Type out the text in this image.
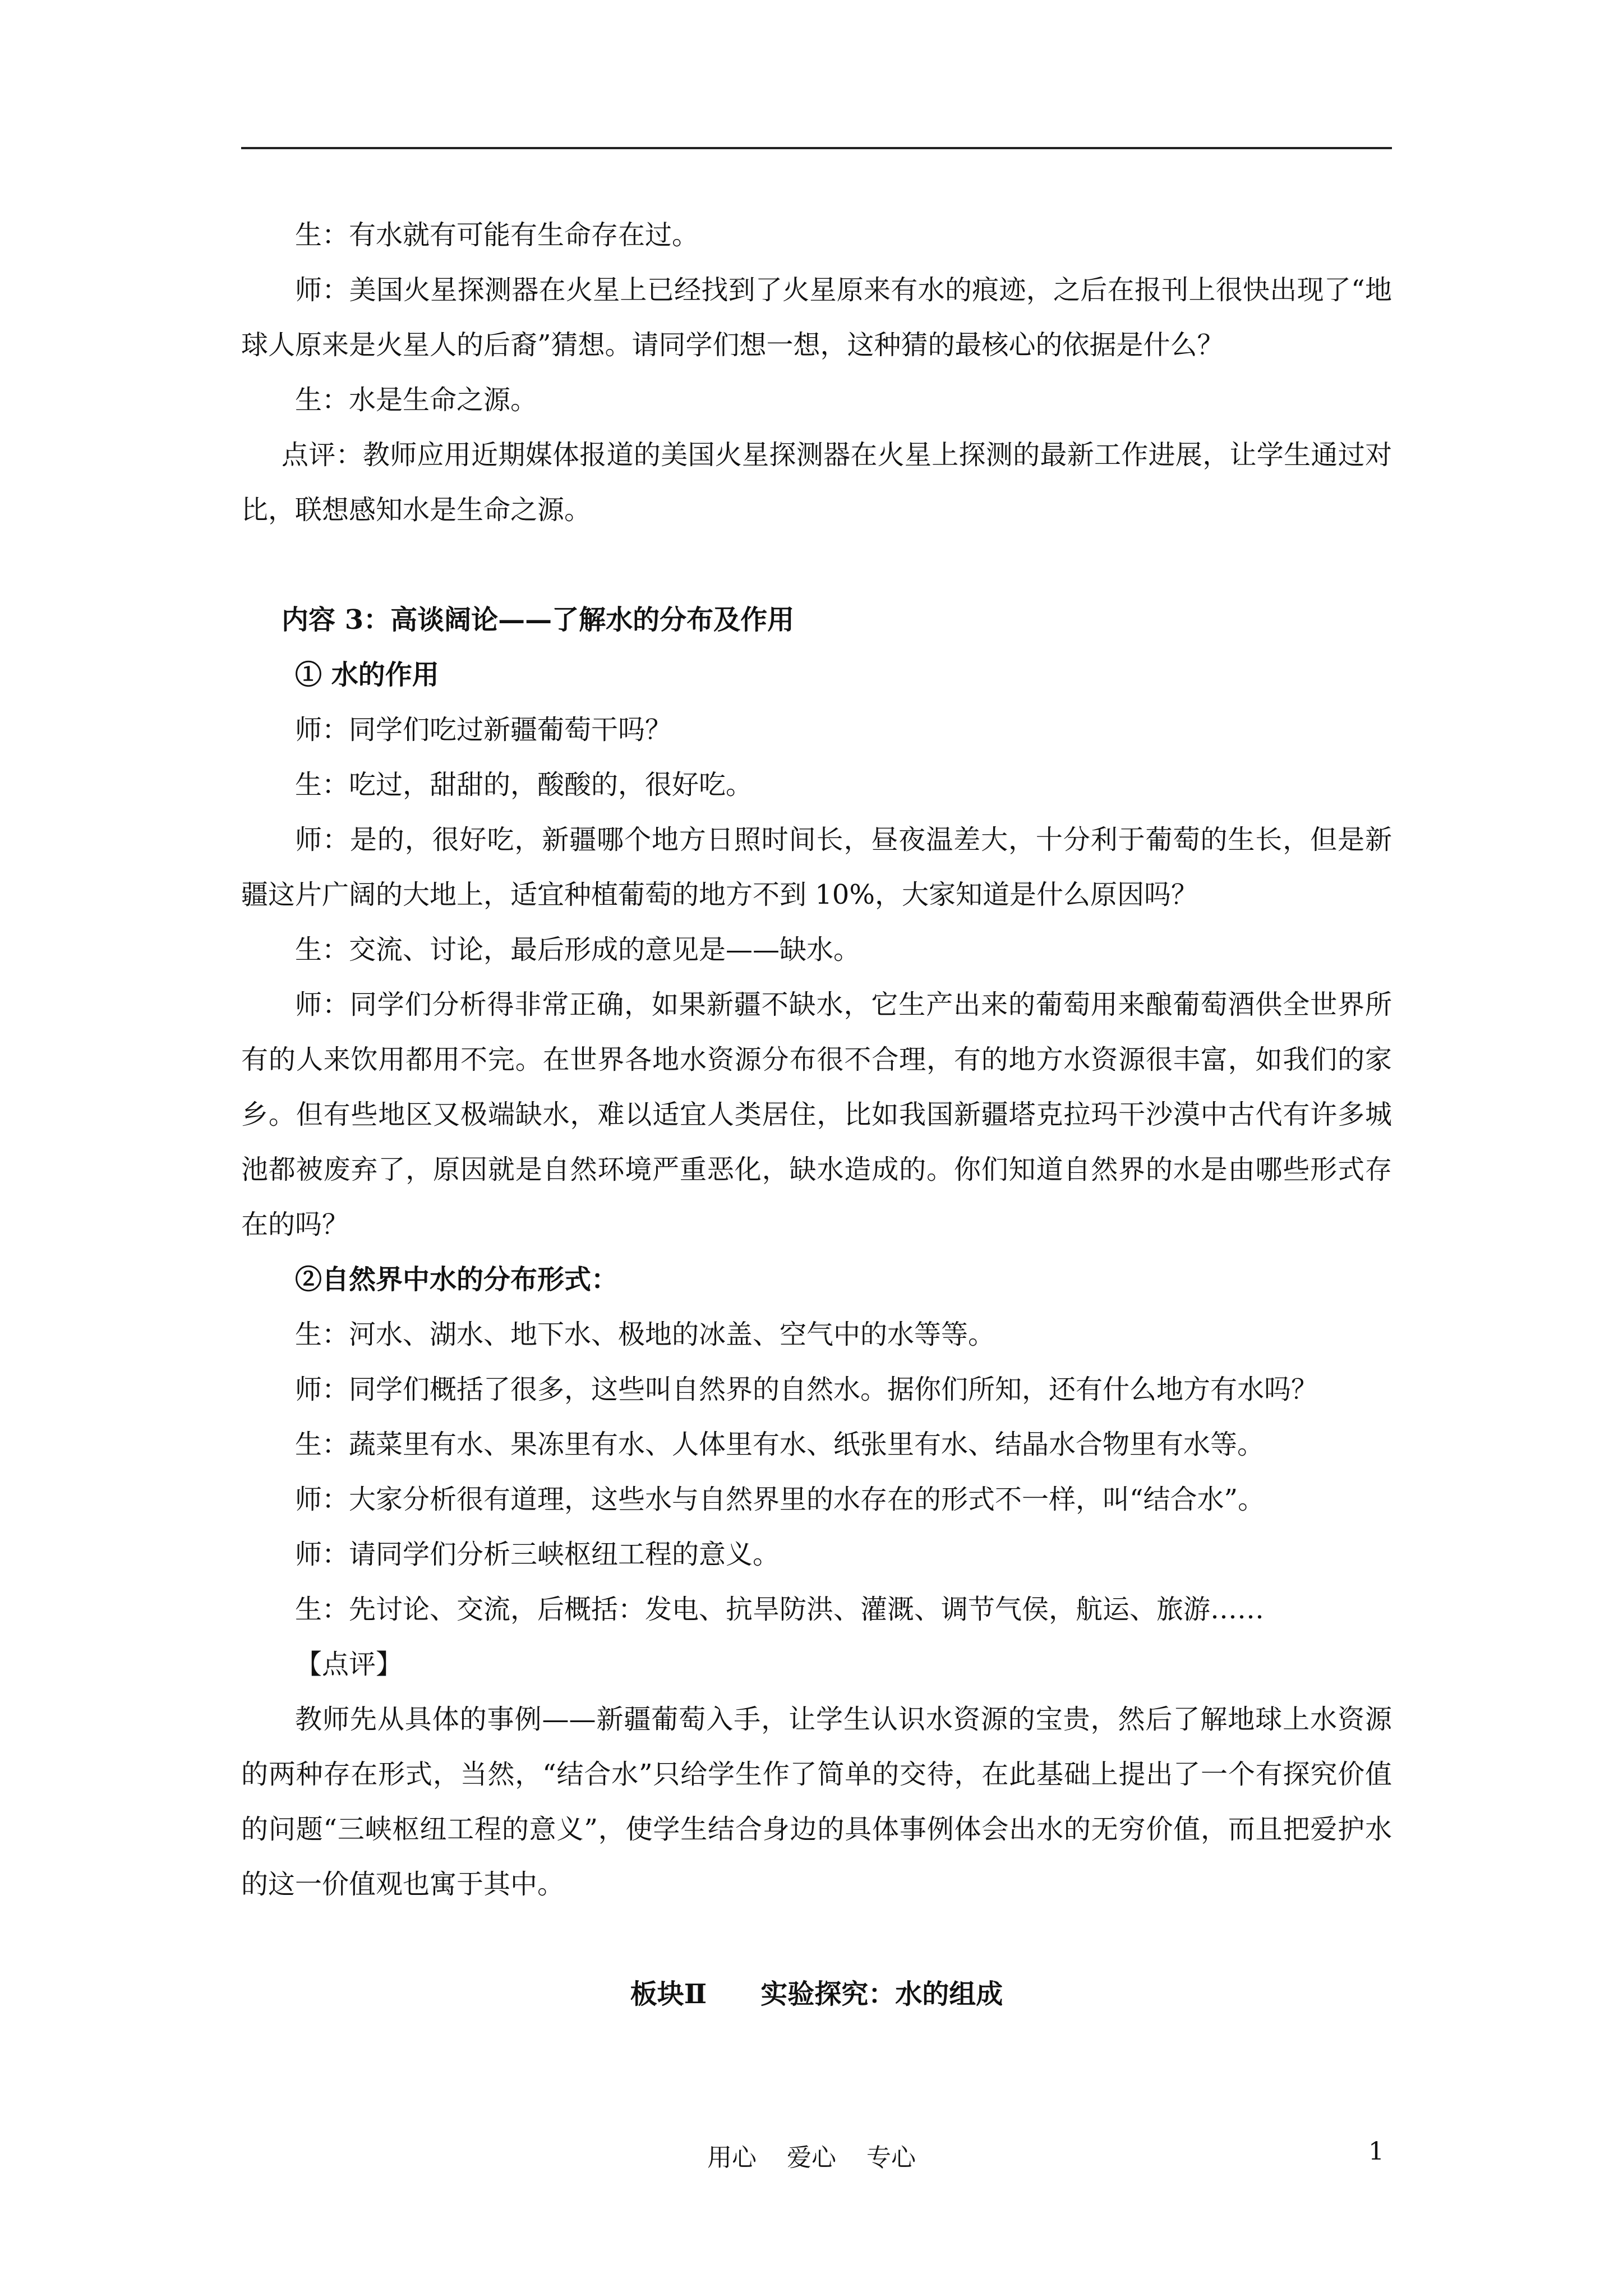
生：有水就有可能有生命存在过。

师：美国火星探测器在火星上已经找到了火星原来有水的痕迹，之后在报刊上很快出现了“地球人原来是火星人的后裔”猜想。请同学们想一想，这种猜的最核心的依据是什么？

生：水是生命之源。

点评：教师应用近期媒体报道的美国火星探测器在火星上探测的最新工作进展，让学生通过对比，联想感知水是生命之源。

内容 3：高谈阔论——了解水的分布及作用

① 水的作用

师：同学们吃过新疆葡萄干吗？

生：吃过，甜甜的，酸酸的，很好吃。

师：是的，很好吃，新疆哪个地方日照时间长，昼夜温差大，十分利于葡萄的生长，但是新疆这片广阔的大地上，适宜种植葡萄的地方不到 10%，大家知道是什么原因吗？

生：交流、讨论，最后形成的意见是——缺水。

师：同学们分析得非常正确，如果新疆不缺水，它生产出来的葡萄用来酿葡萄酒供全世界所有的人来饮用都用不完。在世界各地水资源分布很不合理，有的地方水资源很丰富，如我们的家乡。但有些地区又极端缺水，难以适宜人类居住，比如我国新疆塔克拉玛干沙漠中古代有许多城池都被废弃了，原因就是自然环境严重恶化，缺水造成的。你们知道自然界的水是由哪些形式存在的吗？

②自然界中水的分布形式：

生：河水、湖水、地下水、极地的冰盖、空气中的水等等。

师：同学们概括了很多，这些叫自然界的自然水。据你们所知，还有什么地方有水吗？

生：蔬菜里有水、果冻里有水、人体里有水、纸张里有水、结晶水合物里有水等。

师：大家分析很有道理，这些水与自然界里的水存在的形式不一样，叫“结合水”。

师：请同学们分析三峡枢纽工程的意义。

生：先讨论、交流，后概括：发电、抗旱防洪、灌溉、调节气侯，航运、旅游……

【点评】

教师先从具体的事例——新疆葡萄入手，让学生认识水资源的宝贵，然后了解地球上水资源的两种存在形式，当然，“结合水”只给学生作了简单的交待，在此基础上提出了一个有探究价值的问题“三峡枢纽工程的意义”，使学生结合身边的具体事例体会出水的无穷价值，而且把爱护水的这一价值观也寓于其中。

板块Ⅱ 实验探究：水的组成

用心 爱心 专心	1
